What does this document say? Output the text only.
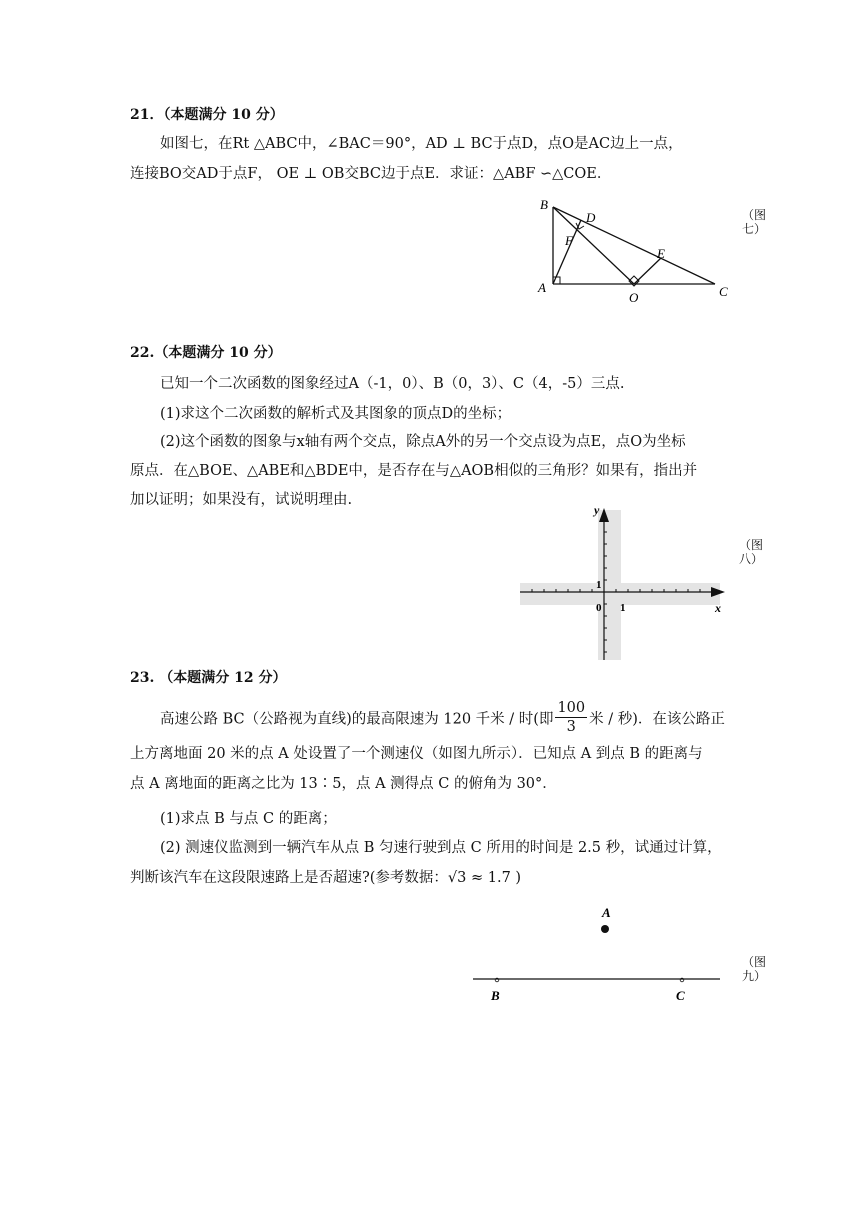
21．（本题满分 10 分）
如图七，在Rt △ABC中，∠BAC＝90°，AD ⊥ BC于点D，点O是AC边上一点，
连接BO交AD于点F， OE ⊥ OB交BC边于点E．求证：△ABF ∽△COE．
B
D
F
E
A
O	C
（图七）
22.（本题满分 10 分）
已知一个二次函数的图象经过A（-1，0）、B（0，3）、C（4，-5）三点.
(1)求这个二次函数的解析式及其图象的顶点D的坐标；
(2)这个函数的图象与x轴有两个交点，除点A外的另一个交点设为点E，点O为坐标
原点．在△BOE、△ABE和△BDE中，是否存在与△AOB相似的三角形？如果有，指出并
加以证明；如果没有，试说明理由.
y
x
0 1
1
（图八）
23. （本题满分 12 分）
高速公路 BC（公路视为直线)的最高限速为 120 千米 / 时(即 $\frac{100}{3}$ 米 / 秒)．在该公路正
上方离地面 20 米的点 A 处设置了一个测速仪（如图九所示）．已知点 A 到点 B 的距离与
点 A 离地面的距离之比为 13∶5，点 A 测得点 C 的俯角为 30°．
(1)求点 B 与点 C 的距离；
(2) 测速仪监测到一辆汽车从点 B 匀速行驶到点 C 所用的时间是 2.5 秒，试通过计算，
判断该汽车在这段限速路上是否超速?(参考数据：√3 ≈ 1.7 )
A
B	C
（图九）
